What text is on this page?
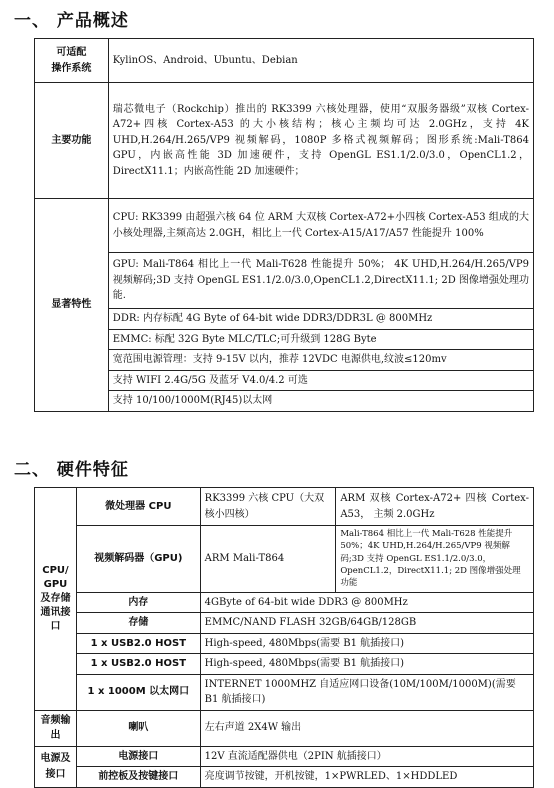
一、 产品概述
可适配
操作系统	KylinOS、Android、Ubuntu、Debian
主要功能	瑞芯微电子（Rockchip）推出的 RK3399 六核处理器，使用“双服务器级”双核 Cortex-A72+四核 Cortex-A53 的大小核结构；核心主频均可达 2.0GHz，支持 4K UHD,H.264/H.265/VP9 视频解码，1080P 多格式视频解码；图形系统:Mali-T864 GPU，内嵌高性能 3D 加速硬件，支持 OpenGL ES1.1/2.0/3.0，OpenCL1.2，DirectX11.1；内嵌高性能 2D 加速硬件；
显著特性	CPU: RK3399 由超强六核 64 位 ARM 大双核 Cortex-A72+小四核 Cortex-A53 组成的大小核处理器,主频高达 2.0GH，相比上一代 Cortex-A15/A17/A57 性能提升 100%
	GPU: Mali-T864 相比上一代 Mali-T628 性能提升 50%； 4K UHD,H.264/H.265/VP9 视频解码;3D 支持 OpenGL ES1.1/2.0/3.0,OpenCL1.2,DirectX11.1; 2D 图像增强处理功能.
	DDR: 内存标配 4G Byte of 64-bit wide DDR3/DDR3L @ 800MHz
	EMMC: 标配 32G Byte MLC/TLC;可升级到 128G Byte
	宽范围电源管理：支持 9-15V 以内，推荐 12VDC 电源供电,纹波≤120mv
	支持 WIFI 2.4G/5G 及蓝牙 V4.0/4.2 可选
	支持 10/100/1000M(RJ45)以太网
二、 硬件特征
CPU/
GPU
及存储
通讯接
口	微处理器 CPU	RK3399 六核 CPU（大双核小四核）	ARM 双核 Cortex-A72+ 四核 Cortex-A53， 主频 2.0GHz
	视频解码器（GPU)	ARM Mali-T864	Mali-T864 相比上一代 Mali-T628 性能提升 50%；4K UHD,H.264/H.265/VP9 视频解码;3D 支持 OpenGL ES1.1/2.0/3.0，OpenCL1.2，DirectX11.1; 2D 图像增强处理功能
	内存	4GByte of 64-bit wide DDR3 @ 800MHz	
	存储	EMMC/NAND FLASH 32GB/64GB/128GB	
	1 x USB2.0 HOST	High-speed, 480Mbps(需要 B1 航插接口)	
	1 x USB2.0 HOST	High-speed, 480Mbps(需要 B1 航插接口)	
	1 x 1000M 以太网口	INTERNET 1000MHZ 自适应网口设备(10M/100M/1000M)(需要 B1 航插接口)	
音频输出	喇叭	左右声道 2X4W 输出	
电源及接口	电源接口	12V 直流适配器供电（2PIN 航插接口）	
	前控板及按键接口	亮度调节按键，开机按键，1×PWRLED、1×HDDLED	
